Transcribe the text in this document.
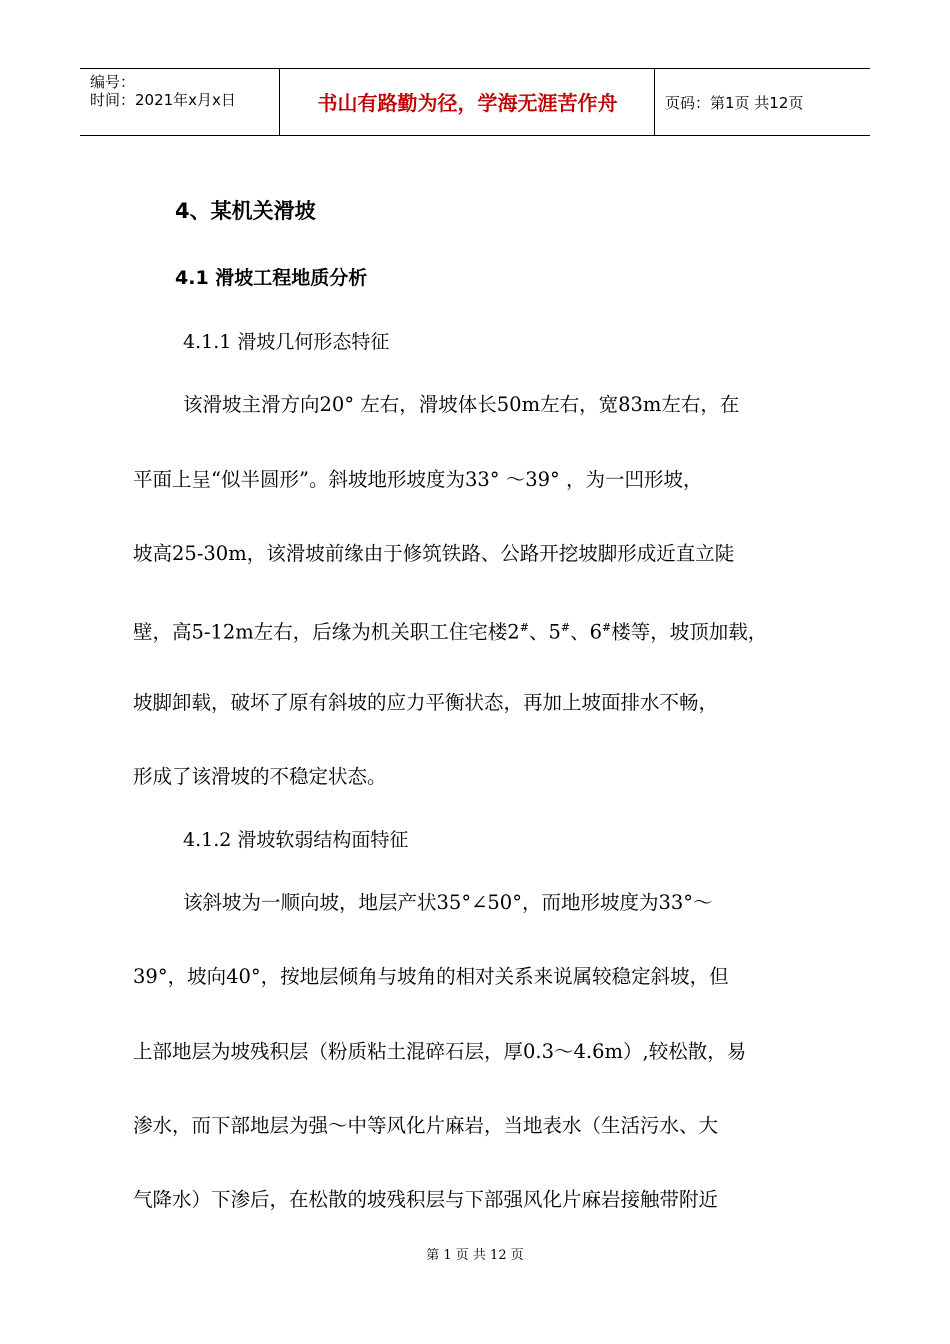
编号：
时间：2021年x月x日	书山有路勤为径，学海无涯苦作舟	页码：第1页 共12页
4、某机关滑坡
4.1 滑坡工程地质分析
4.1.1 滑坡几何形态特征
该滑坡主滑方向20° 左右，滑坡体长50m左右，宽83m左右，在
平面上呈“似半圆形”。斜坡地形坡度为33° ～39° ，为一凹形坡，
坡高25-30m，该滑坡前缘由于修筑铁路、公路开挖坡脚形成近直立陡
壁，高5-12m左右，后缘为机关职工住宅楼2#、5#、6#楼等，坡顶加载，
坡脚卸载，破坏了原有斜坡的应力平衡状态，再加上坡面排水不畅，
形成了该滑坡的不稳定状态。
4.1.2 滑坡软弱结构面特征
该斜坡为一顺向坡，地层产状35°∠50°，而地形坡度为33°～
39°，坡向40°，按地层倾角与坡角的相对关系来说属较稳定斜坡，但
上部地层为坡残积层（粉质粘土混碎石层，厚0.3～4.6m）,较松散，易
渗水，而下部地层为强～中等风化片麻岩，当地表水（生活污水、大
气降水）下渗后，在松散的坡残积层与下部强风化片麻岩接触带附近
第 1 页 共 12 页
